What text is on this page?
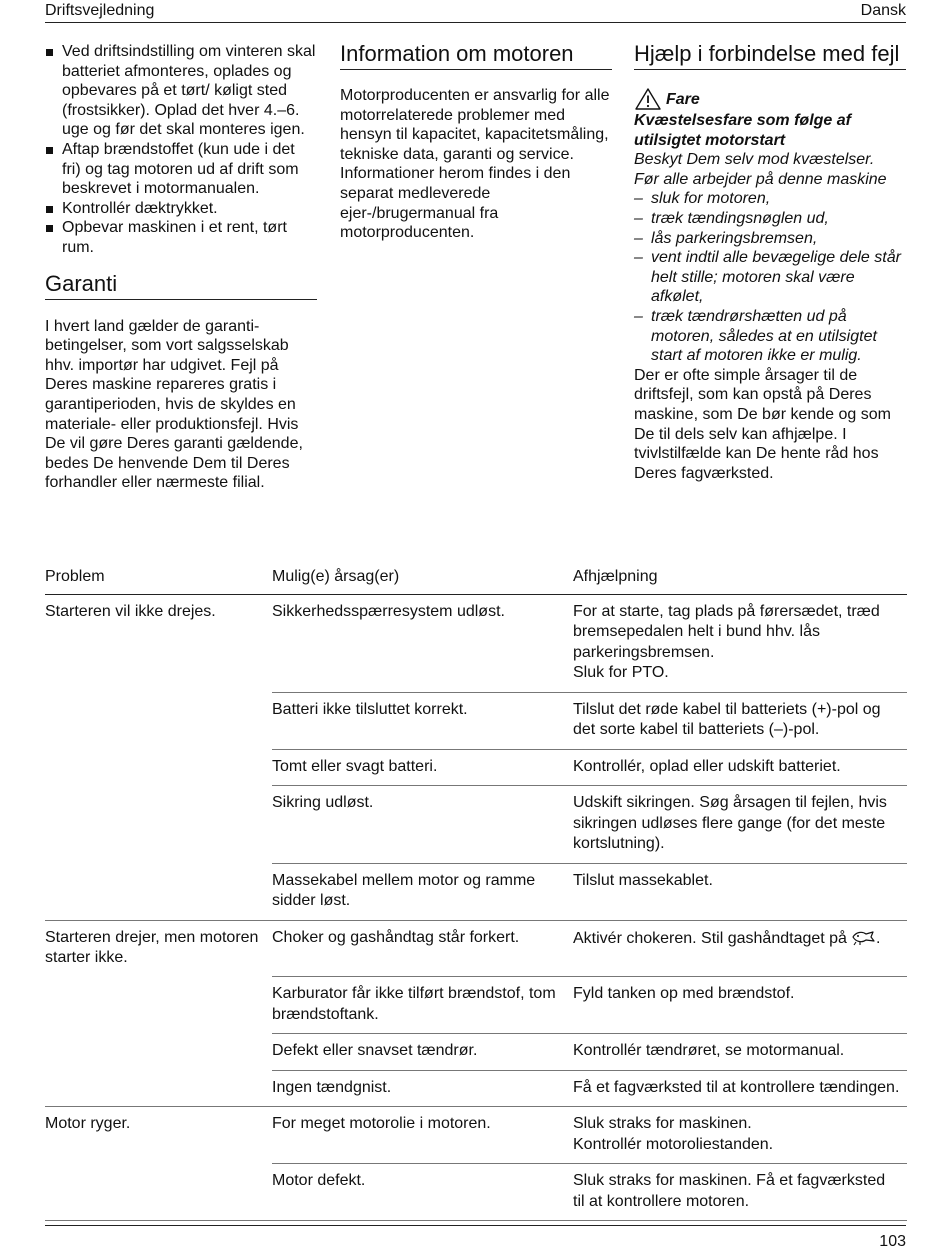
Driftsvejledning	Dansk
Ved driftsindstilling om vinteren skal batteriet afmonteres, oplades og opbevares på et tørt/ køligt sted (frostsikker). Oplad det hver 4.–6. uge og før det skal monteres igen.
Aftap brændstoffet (kun ude i det fri) og tag motoren ud af drift som beskrevet i motormanualen.
Kontrollér dæktrykket.
Opbevar maskinen i et rent, tørt rum.
Garanti

I hvert land gælder de garanti-betingelser, som vort salgsselskab hhv. importør har udgivet. Fejl på Deres maskine repareres gratis i garantiperioden, hvis de skyldes en materiale- eller produktionsfejl. Hvis De vil gøre Deres garanti gældende, bedes De henvende Dem til Deres forhandler eller nærmeste filial.

Information om motoren

Motorproducenten er ansvarlig for alle motorrelaterede problemer med hensyn til kapacitet, kapacitetsmåling, tekniske data, garanti og service. Informationer herom findes i den separat medleverede ejer-/brugermanual fra motorproducenten.

Hjælp i forbindelse med fejl
Fare

Kvæstelsesfare som følge af utilsigtet motorstart

Beskyt Dem selv mod kvæstelser.

Før alle arbejder på denne maskine

– sluk for motoren,
– træk tændingsnøglen ud,
– lås parkeringsbremsen,
– vent indtil alle bevægelige dele står helt stille; motoren skal være afkølet,
– træk tændrørshætten ud på motoren, således at en utilsigtet start af motoren ikke er mulig.

Der er ofte simple årsager til de driftsfejl, som kan opstå på Deres maskine, som De bør kende og som De til dels selv kan afhjælpe. I tvivlstilfælde kan De hente råd hos Deres fagværksted.

Problem	Mulig(e) årsag(er)	Afhjælpning
Starteren vil ikke drejes.	Sikkerhedsspærresystem udløst.	For at starte, tag plads på førersædet, træd bremsepedalen helt i bund hhv. lås parkeringsbremsen.
Sluk for PTO.
	Batteri ikke tilsluttet korrekt.	Tilslut det røde kabel til batteriets (+)-pol og det sorte kabel til batteriets (–)-pol.
	Tomt eller svagt batteri.	Kontrollér, oplad eller udskift batteriet.
	Sikring udløst.	Udskift sikringen. Søg årsagen til fejlen, hvis sikringen udløses flere gange (for det meste kortslutning).
	Massekabel mellem motor og ramme sidder løst.	Tilslut massekablet.
Starteren drejer, men motoren starter ikke.	Choker og gashåndtag står forkert.	Aktivér chokeren. Stil gashåndtaget på .
	Karburator får ikke tilført brændstof, tom brændstoftank.	Fyld tanken op med brændstof.
	Defekt eller snavset tændrør.	Kontrollér tændrøret, se motormanual.
	Ingen tændgnist.	Få et fagværksted til at kontrollere tændingen.
Motor ryger.	For meget motorolie i motoren.	Sluk straks for maskinen.
Kontrollér motoroliestanden.
	Motor defekt.	Sluk straks for maskinen. Få et fagværksted til at kontrollere motoren.
103
